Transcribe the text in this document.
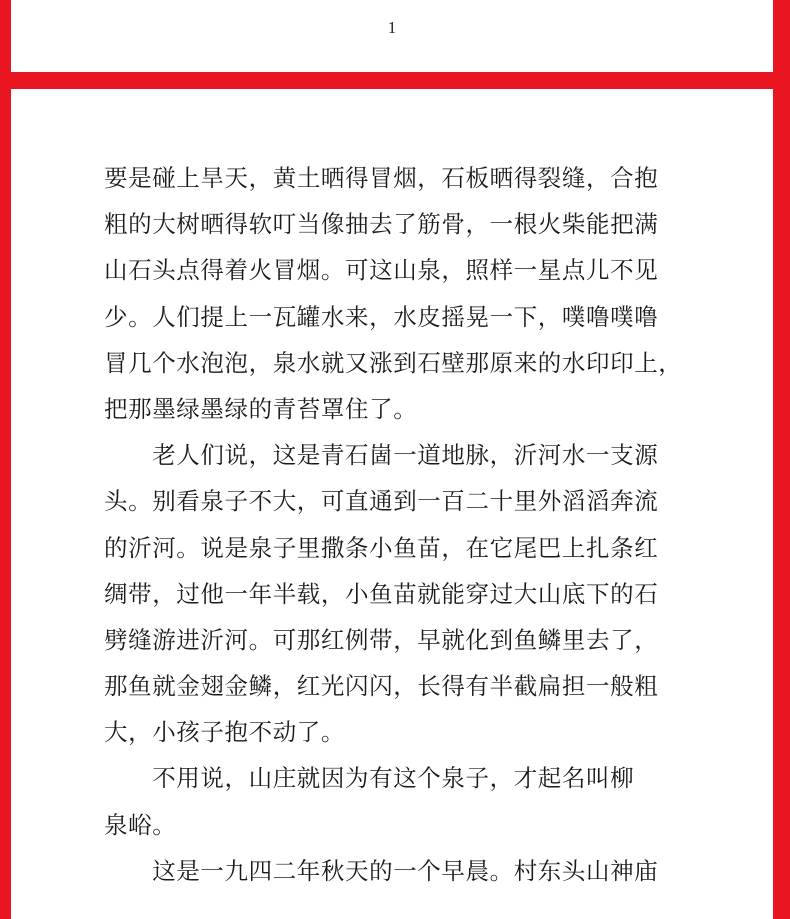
1
要是碰上旱天，黄土晒得冒烟，石板晒得裂缝，合抱
粗的大树晒得软叮当像抽去了筋骨，一根火柴能把满
山石头点得着火冒烟。可这山泉，照样一星点儿不见
少。人们提上一瓦罐水来，水皮摇晃一下，噗噜噗噜
冒几个水泡泡，泉水就又涨到石壁那原来的水印印上，
把那墨绿墨绿的青苔罩住了。
　　老人们说，这是青石崮一道地脉，沂河水一支源
头。别看泉子不大，可直通到一百二十里外滔滔奔流
的沂河。说是泉子里撒条小鱼苗，在它尾巴上扎条红
绸带，过他一年半载，小鱼苗就能穿过大山底下的石
劈缝游进沂河。可那红例带，早就化到鱼鳞里去了，
那鱼就金翅金鳞，红光闪闪，长得有半截扁担一般粗
大，小孩子抱不动了。
　　不用说，山庄就因为有这个泉子，才起名叫柳
泉峪。
　　这是一九四二年秋天的一个早晨。村东头山神庙
